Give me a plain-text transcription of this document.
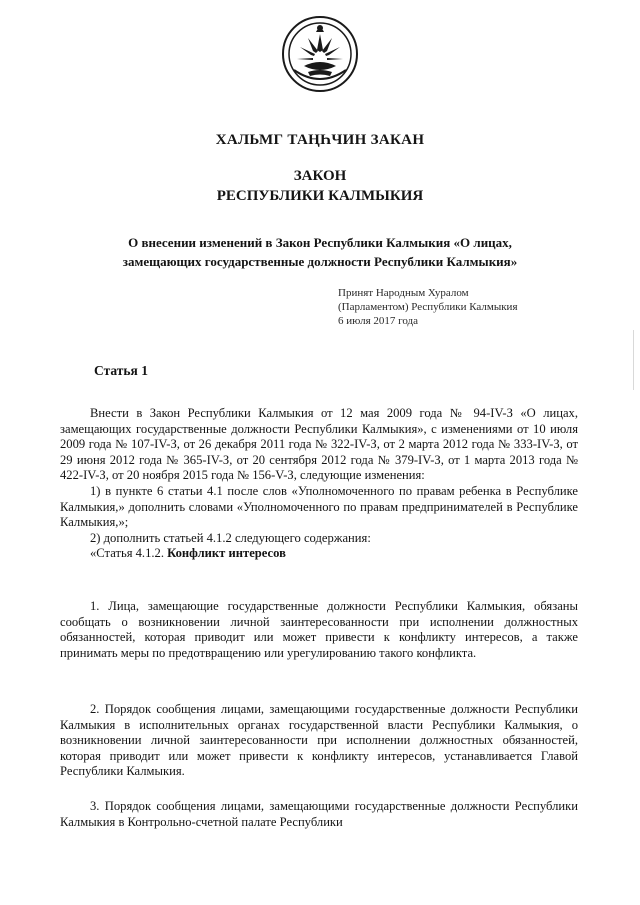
ХАЛЬМГ ТАҢҺЧИН ЗАКАН
ЗАКОН
РЕСПУБЛИКИ КАЛМЫКИЯ
О внесении изменений в Закон Республики Калмыкия «О лицах,
замещающих государственные должности Республики Калмыкия»
Принят Народным Хуралом
(Парламентом) Республики Калмыкия
6 июля 2017 года
Статья 1

Внести в Закон Республики Калмыкия от 12 мая 2009 года № 94-IV-З «О лицах, замещающих государственные должности Республики Калмыкия», с изменениями от 10 июля 2009 года № 107-IV-З, от 26 декабря 2011 года № 322-IV-З, от 2 марта 2012 года № 333-IV-З, от 29 июня 2012 года № 365-IV-З, от 20 сентября 2012 года № 379-IV-З, от 1 марта 2013 года № 422-IV-З, от 20 ноября 2015 года № 156-V-З, следующие изменения:

1) в пункте 6 статьи 4.1 после слов «Уполномоченного по правам ребенка в Республике Калмыкия,» дополнить словами «Уполномоченного по правам предпринимателей в Республике Калмыкия,»;

2) дополнить статьей 4.1.2 следующего содержания:

«Статья 4.1.2. Конфликт интересов

1. Лица, замещающие государственные должности Республики Калмыкия, обязаны сообщать о возникновении личной заинтересованности при исполнении должностных обязанностей, которая приводит или может привести к конфликту интересов, а также принимать меры по предотвращению или урегулированию такого конфликта.

2. Порядок сообщения лицами, замещающими государственные должности Республики Калмыкия в исполнительных органах государственной власти Республики Калмыкия, о возникновении личной заинтересованности при исполнении должностных обязанностей, которая приводит или может привести к конфликту интересов, устанавливается Главой Республики Калмыкия.

3. Порядок сообщения лицами, замещающими государственные должности Республики Калмыкия в Контрольно-счетной палате Республики
